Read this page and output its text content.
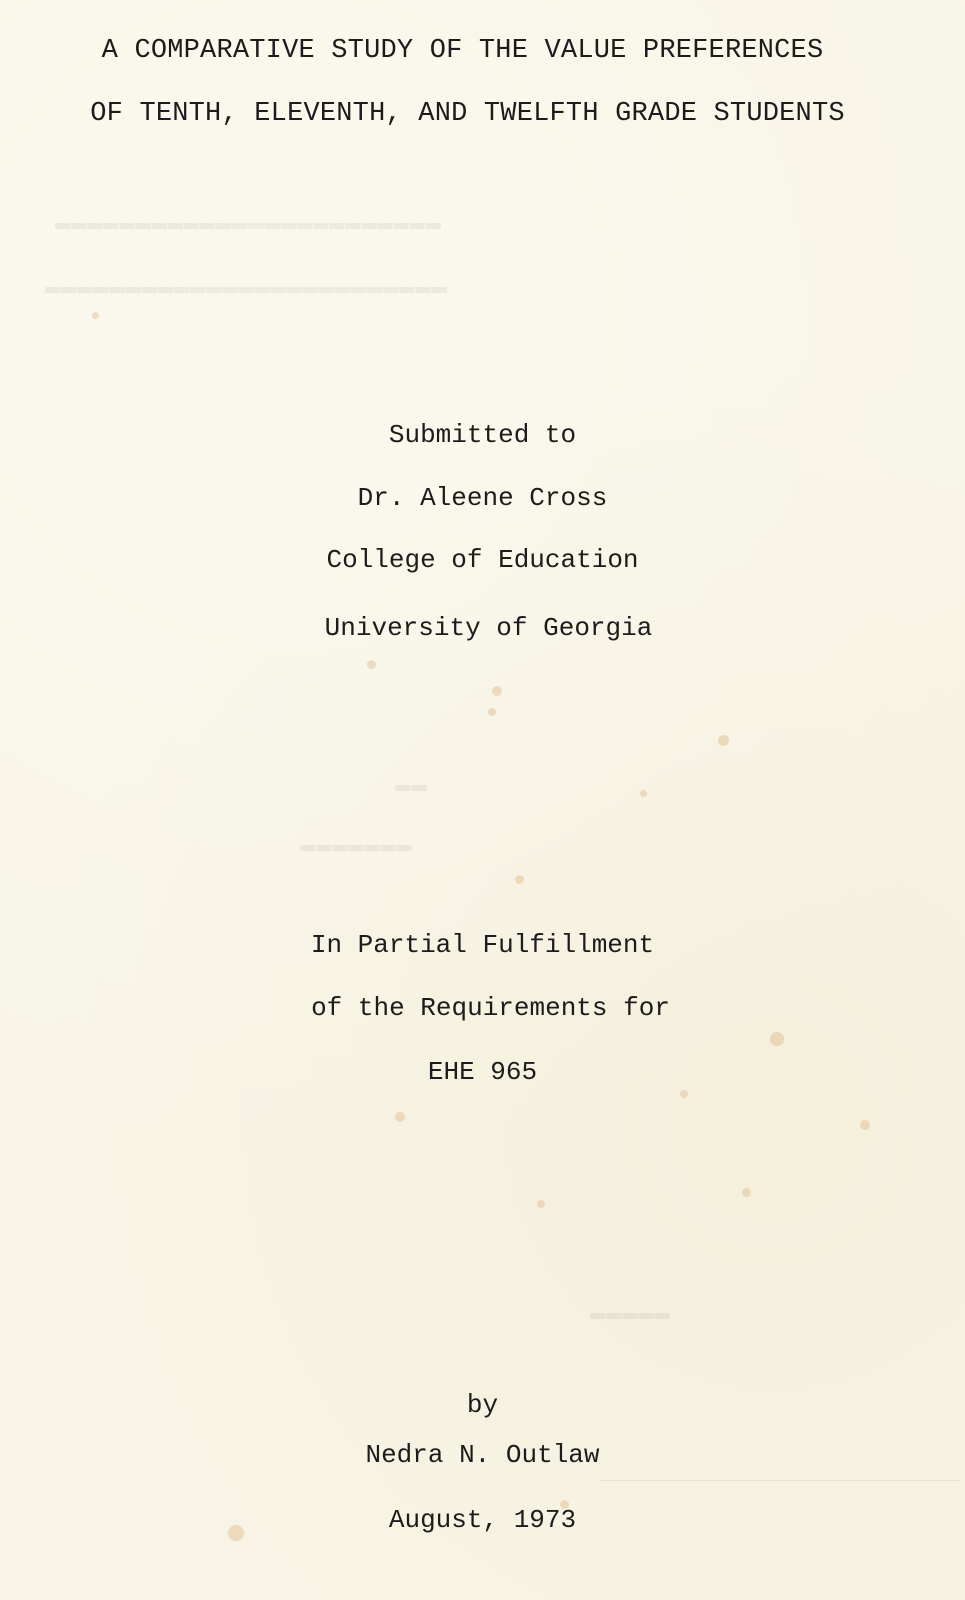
▬▬▬▬▬▬▬▬▬▬▬▬▬▬▬▬▬▬▬▬▬▬▬▬
▬▬▬▬▬▬▬▬▬▬▬▬▬▬▬▬▬▬▬▬▬▬▬▬▬
▬▬
▬▬▬▬▬▬▬
▬▬▬▬▬
A COMPARATIVE STUDY OF THE VALUE PREFERENCES
OF TENTH, ELEVENTH, AND TWELFTH GRADE STUDENTS
Submitted to
Dr. Aleene Cross
College of Education
University of Georgia
In Partial Fulfillment
of the Requirements for
EHE 965
by
Nedra N. Outlaw
August, 1973
